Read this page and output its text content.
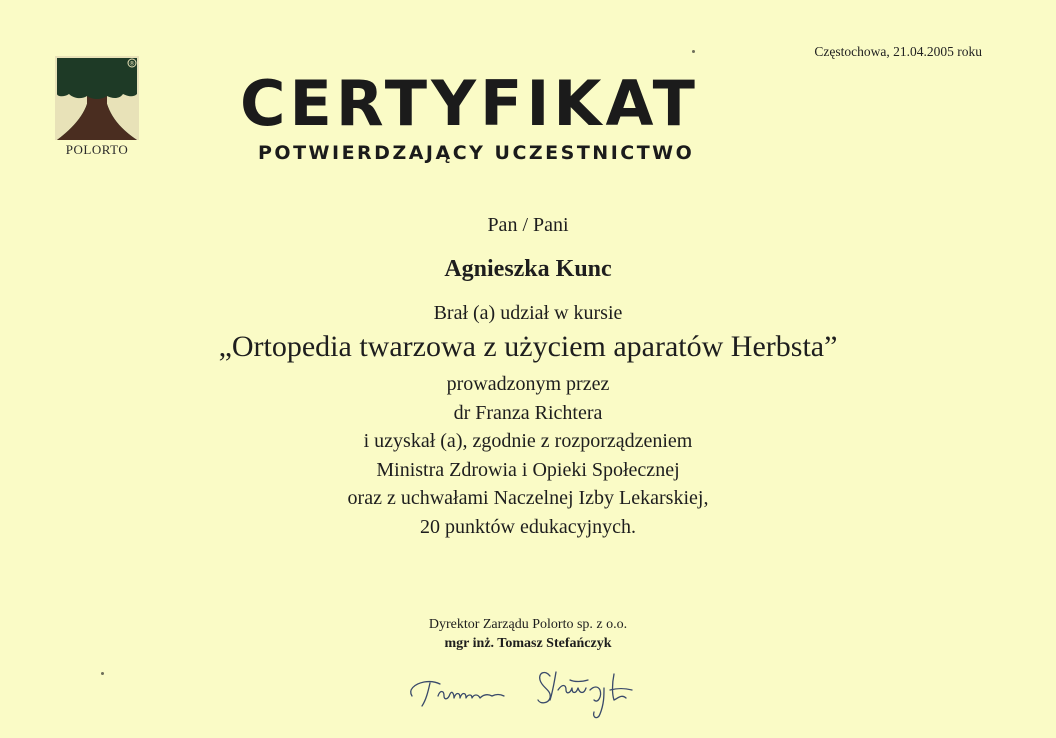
®
POLORTO
Częstochowa, 21.04.2005 roku
CERTYFIKAT
POTWIERDZAJĄCY UCZESTNICTWO
Pan / Pani
Agnieszka Kunc
Brał (a) udział w kursie
„Ortopedia twarzowa z użyciem aparatów Herbsta”
prowadzonym przez
dr Franza Richtera
i uzyskał (a), zgodnie z rozporządzeniem
Ministra Zdrowia i Opieki Społecznej
oraz z uchwałami Naczelnej Izby Lekarskiej,
20 punktów edukacyjnych.
Dyrektor Zarządu Polorto sp. z o.o.
mgr inż. Tomasz Stefańczyk
Tomasz Stefańczyk
